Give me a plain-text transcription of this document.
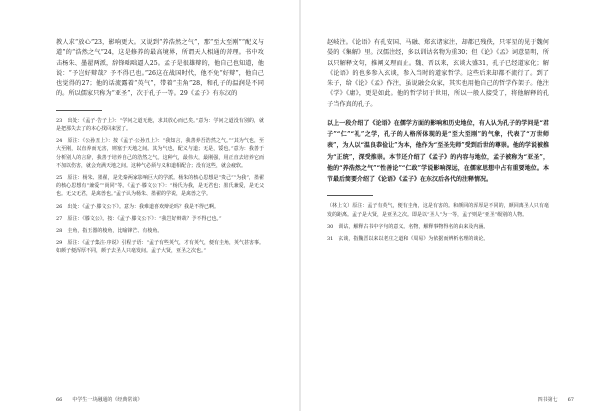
教人求“放心”23，影响更大。又说到“养浩然之气”，那“至大至刚”“配义与道”的“浩然之气”24，这是修养的最高境界，所谓天人相通的菩理。书中攻击杨朱、墨翟两派，辞锋咄咄逼人25。孟子是很雄辩的，他自己也知道，他说：“予岂好辩哉？予不得已也。”26这在战国时代，他不免“好辩”，他自己也觉得的27；他的话流露着“英气”，带着“圭角”28，和孔子的温润是不同的。所以儒家只称为“亚圣”，次于孔子一等。29《孟子》有东汉的

23　出处：《孟子·告子上》：“学问之道无他，求其放心而已矣。”意为：学问之道没有别的，就是把那失去了的本心找回来罢了。

24　原注：《公孙丑上》：按《孟子·公孙丑上》：“我知言，我善养吾浩然之气。”“其为气也，至大至刚，以直养而无害，则塞于天地之间。其为气也，配义与道；无是，馁也。”意为：我善于分析别人的言辞，我善于培养自己的浩然之气。这种气，最伟大，最刚强，用正直去培养它而不加以伤害，就会充满天地之间。这种气必须与义和道相配合；没有这些，就会疲软。

25　原注：杨朱、墨翟，是先秦两家影响巨大的学派。杨朱的核心思想是“贵己”“为我”，墨翟的核心思想有“兼爱”“尚同”等。《孟子·滕文公下》：“杨氏为我，是无君也；墨氏兼爱，是无父也。无父无君，是禽兽也。”孟子认为杨朱、墨翟的学说，是禽兽之学。

26　出处：《孟子·滕文公下》。意为：我难道喜欢辩论吗？我是不得已啊。

27　原注：《滕文公》。按：《孟子·滕文公下》：“我岂好辩哉？予不得已也。”

28　圭角，指玉器的棱角，比喻锋芒、有棱角。

29　原注：《孟子集注·序说》引程子语：“孟子有些英气，才有英气，便有圭角，英气甚害事。如颜子便浑厚不同，颜子去圣人只毫发间。孟子大贤，亚圣之次也。”

66　　中学生一块融通的《经典常谈》

赵岐注。《论语》有孔安国、马融、郑玄诸家注，却都已残佚，只零星的见于魏何晏的《集解》里。汉儒注经，多以训诂名物为重30；但《论》《孟》词意显明，所以只解释文句，推阐义理而止。魏、晋以来，玄谈大盛31，孔子已经道家化；解《论语》的也多参入玄谈，参入当时的道家哲学。这些后来却都不流行了。到了朱子，给《论》《孟》作注，虽说融会众家，其实也用他自己的哲学作架子。他注《学》《庸》，更是如此。他的哲学切于世用，所以一般人接受了，将他解释的孔子当作真的孔子。

以上一段介绍了《论语》在儒学方面的影响和历史地位，有人认为孔子的学问是“君子”“仁”“礼”之学，孔子的人格所体现的是“至大至刚”的气象，代表了“万世师表”，为人以“温良恭俭让”为本，他作为“至圣先师”受到后世的尊崇。他的学说被推为“正统”，深受推崇。本节还介绍了《孟子》的内容与地位，孟子被称为“亚圣”，他的“养浩然之气”“性善论”“仁政”学说影响深远，在儒家思想中占有重要地位。本节最后简要介绍了《论语》《孟子》在东汉后各代的注释情况。

（林上文）原注：孟子有英气，便有圭角，这是有害的。和颜回的浑厚是不同的，颜回离圣人只有毫发的距离。孟子是大贤，是亚圣之次。即是以“圣人”为一等，孟子则是“亚圣”级别的人物。

30　训诂，解释古书中字句的意义。名物，解释事物得名的由来及内涵。

31　玄谈，指魏晋以来以老庄之道和《周易》为依据而辨析名理的谈论。

四书第七　　67
